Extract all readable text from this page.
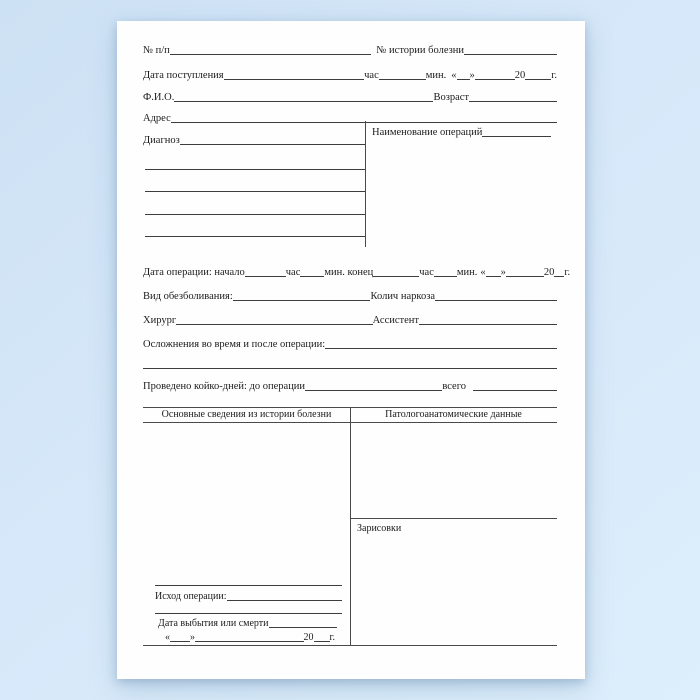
№ п/п	№ истории болезни
Дата поступления	час	мин. « »	20 г.
Ф.И.О.	Возраст
Адрес
Диагноз
Наименование операций
Дата операции: начало	час мин. конец	час мин. « »	20 г.
Вид обезболивания:	Колич наркоза
Хирург	Ассистент
Осложнения во время и после операции:
Проведено койко-дней: до операции	всего
Основные сведения из истории болезни	Патологоанатомические данные
Зарисовки
Исход операции:
Дата выбытия или смерти
« »	20 г.
